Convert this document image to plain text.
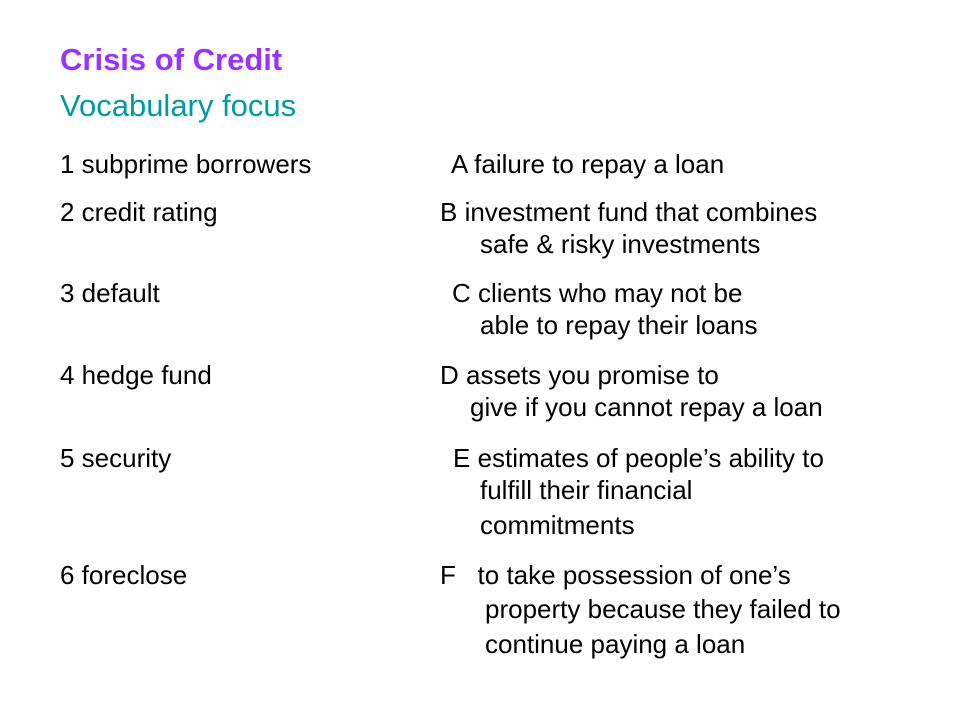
Crisis of Credit
Vocabulary focus
1 subprime borrowers	A failure to repay a loan
2 credit rating	B investment fund that combines
safe & risky investments
3 default	C clients who may not be
able to repay their loans
4 hedge fund	D assets you promise to
give if you cannot repay a loan
5 security	E estimates of people’s ability to
fulfill their financial
commitments
6 foreclose	F   to take possession of one’s
property because they failed to
continue paying a loan
